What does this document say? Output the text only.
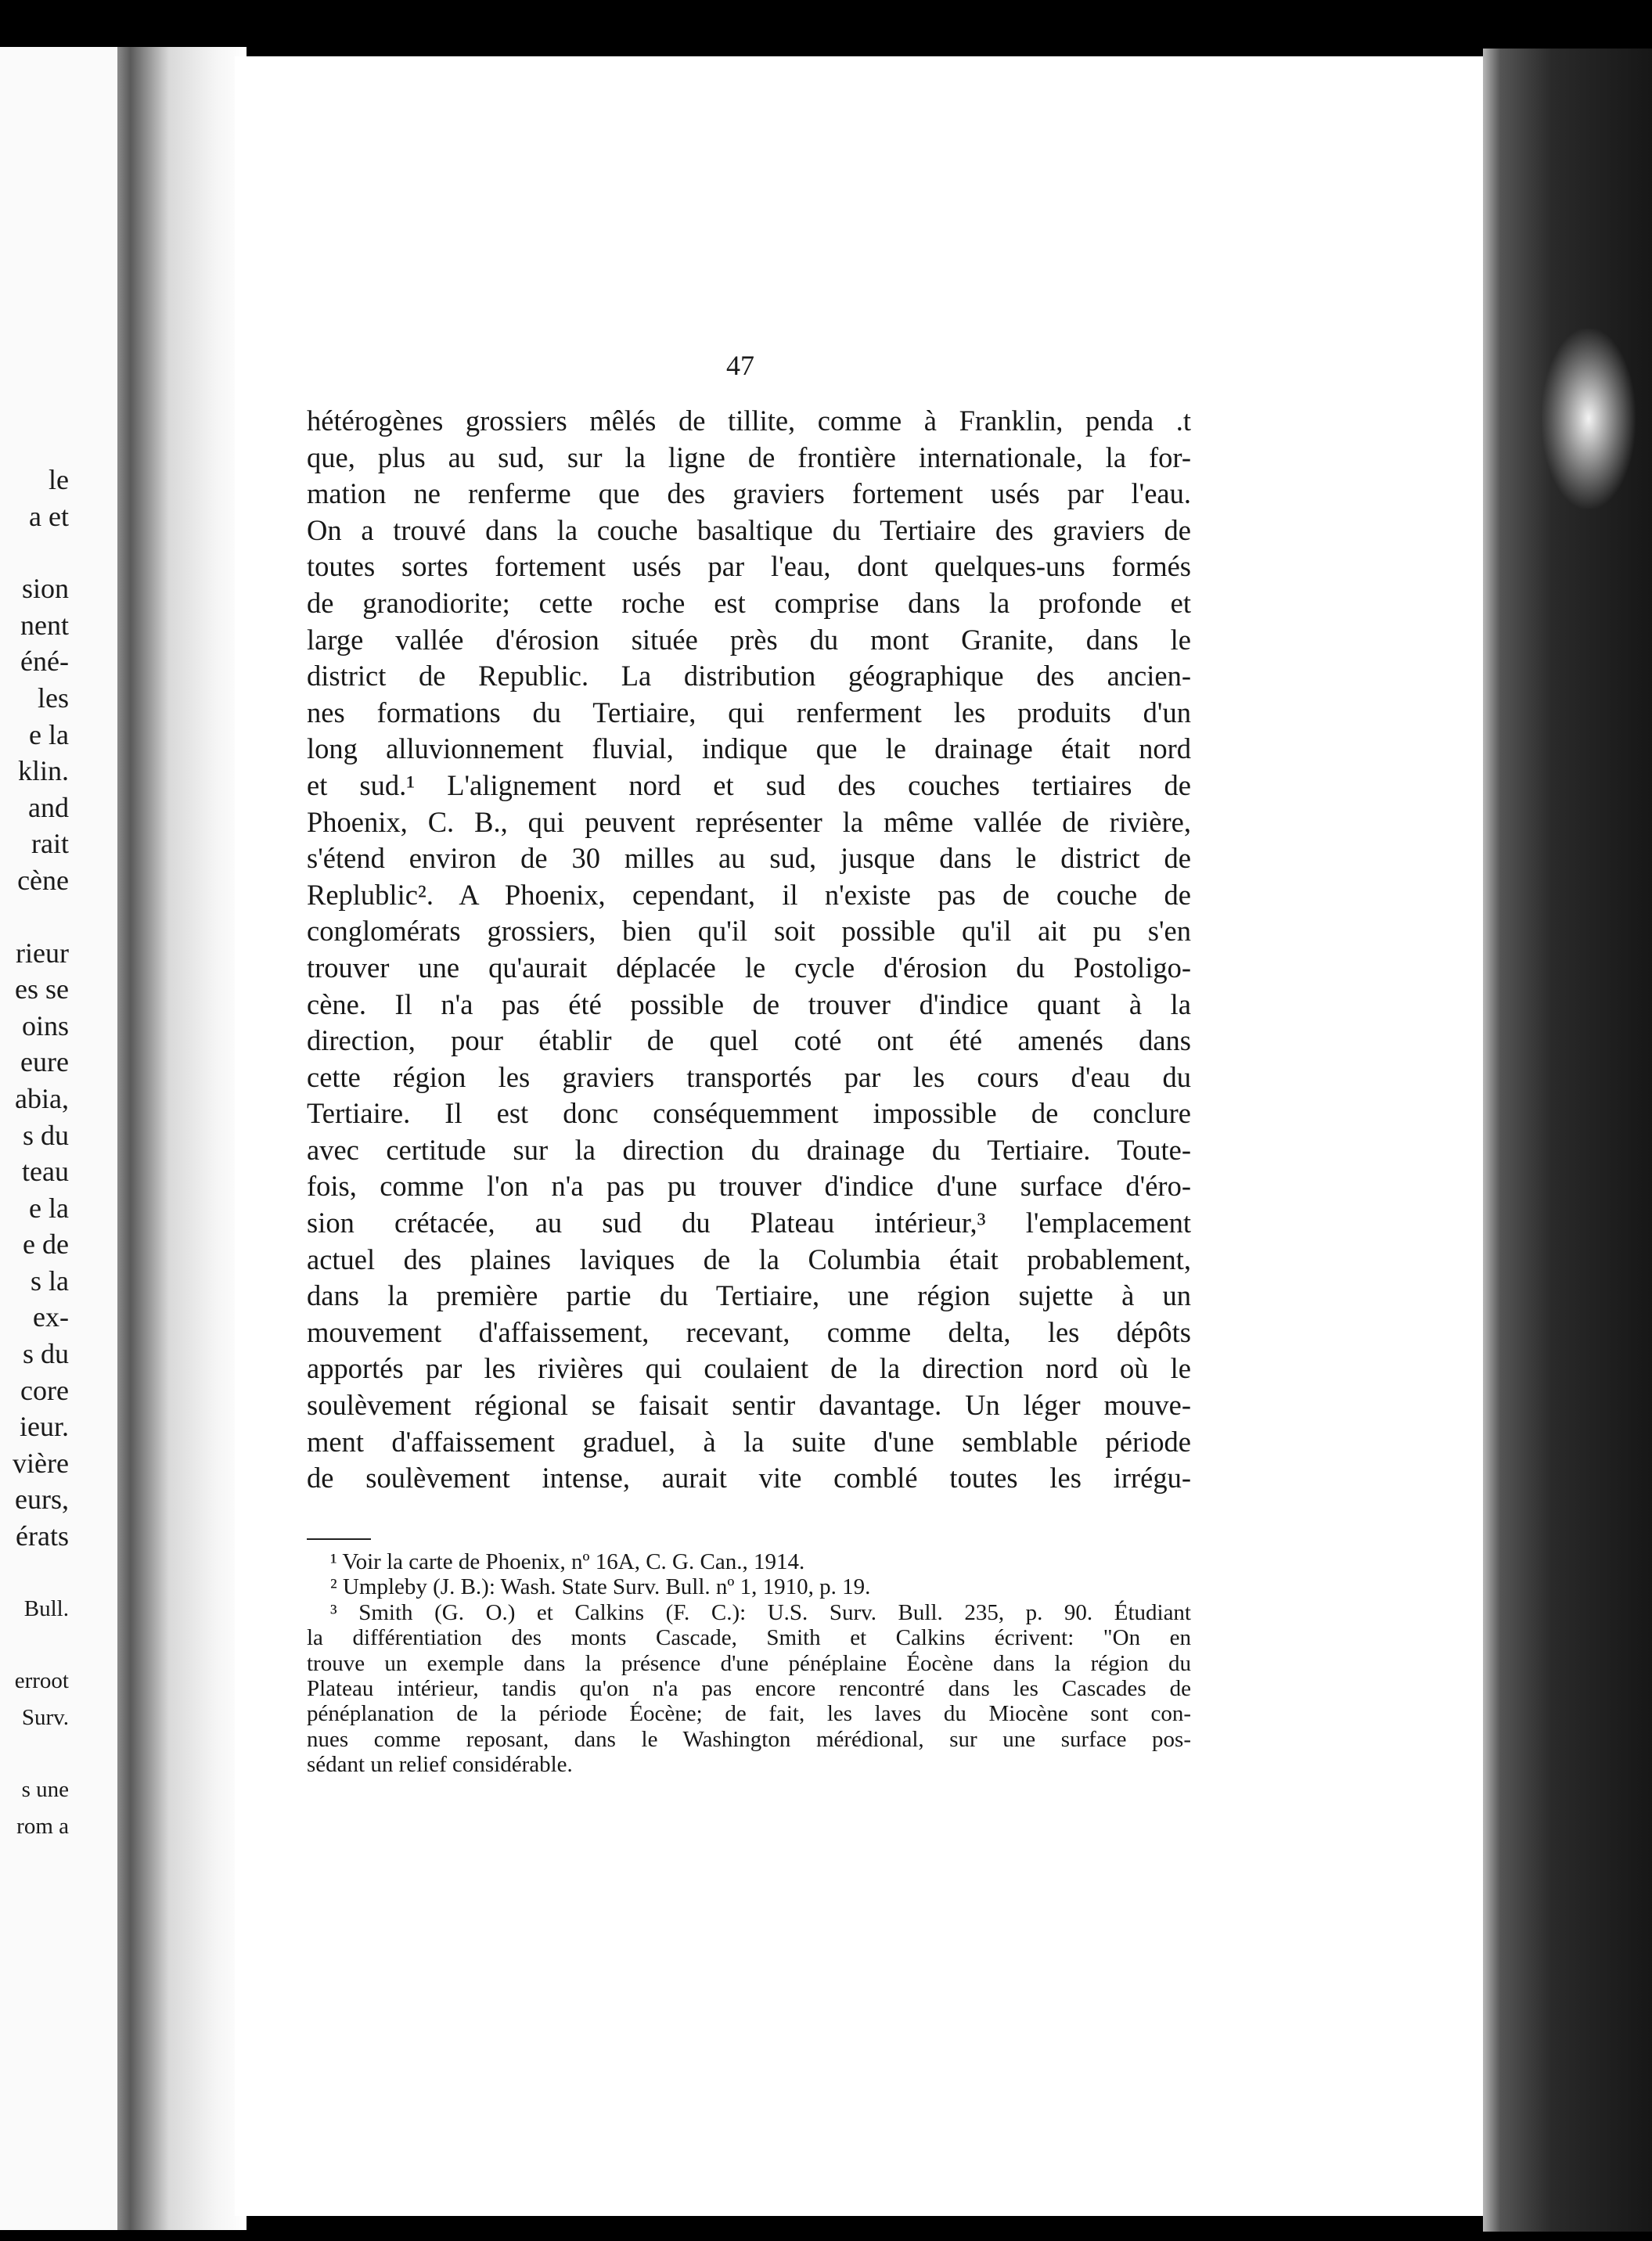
le
a et
sion
nent
éné-
les
e la
klin.
and
rait
cène
rieur
es se
oins
eure
abia,
s du
teau
e la
e de
s la
ex-
s du
core
ieur.
vière
eurs,
érats
Bull.
erroot
Surv.
s une
rom a
47
hétérogènes grossiers mêlés de tillite, comme à Franklin, penda .t
que, plus au sud, sur la ligne de frontière internationale, la for-
mation ne renferme que des graviers fortement usés par l'eau.
On a trouvé dans la couche basaltique du Tertiaire des graviers de
toutes sortes fortement usés par l'eau, dont quelques-uns formés
de granodiorite; cette roche est comprise dans la profonde et
large vallée d'érosion située près du mont Granite, dans le
district de Republic. La distribution géographique des ancien-
nes formations du Tertiaire, qui renferment les produits d'un
long alluvionnement fluvial, indique que le drainage était nord
et sud.¹ L'alignement nord et sud des couches tertiaires de
Phoenix, C. B., qui peuvent représenter la même vallée de rivière,
s'étend environ de 30 milles au sud, jusque dans le district de
Replublic². A Phoenix, cependant, il n'existe pas de couche de
conglomérats grossiers, bien qu'il soit possible qu'il ait pu s'en
trouver une qu'aurait déplacée le cycle d'érosion du Postoligo-
cène. Il n'a pas été possible de trouver d'indice quant à la
direction, pour établir de quel coté ont été amenés dans
cette région les graviers transportés par les cours d'eau du
Tertiaire. Il est donc conséquemment impossible de conclure
avec certitude sur la direction du drainage du Tertiaire. Toute-
fois, comme l'on n'a pas pu trouver d'indice d'une surface d'éro-
sion crétacée, au sud du Plateau intérieur,³ l'emplacement
actuel des plaines laviques de la Columbia était probablement,
dans la première partie du Tertiaire, une région sujette à un
mouvement d'affaissement, recevant, comme delta, les dépôts
apportés par les rivières qui coulaient de la direction nord où le
soulèvement régional se faisait sentir davantage. Un léger mouve-
ment d'affaissement graduel, à la suite d'une semblable période
de soulèvement intense, aurait vite comblé toutes les irrégu-
¹ Voir la carte de Phoenix, nº 16A, C. G. Can., 1914.
² Umpleby (J. B.): Wash. State Surv. Bull. nº 1, 1910, p. 19.
³ Smith (G. O.) et Calkins (F. C.): U.S. Surv. Bull. 235, p. 90. Étudiant
la différentiation des monts Cascade, Smith et Calkins écrivent: "On en
trouve un exemple dans la présence d'une pénéplaine Éocène dans la région du
Plateau intérieur, tandis qu'on n'a pas encore rencontré dans les Cascades de
pénéplanation de la période Éocène; de fait, les laves du Miocène sont con-
nues comme reposant, dans le Washington mérédional, sur une surface pos-
sédant un relief considérable.
